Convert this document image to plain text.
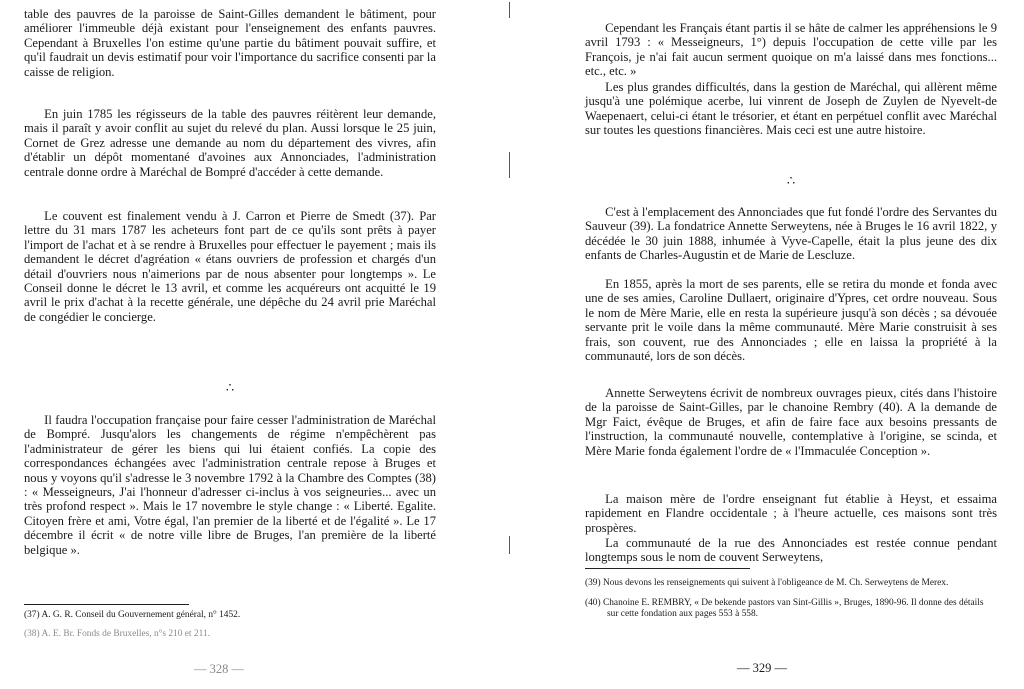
table des pauvres de la paroisse de Saint-Gilles demandent le bâtiment, pour améliorer l'immeuble déjà existant pour l'enseignement des enfants pauvres. Cependant à Bruxelles l'on estime qu'une partie du bâtiment pouvait suffire, et qu'il faudrait un devis estimatif pour voir l'importance du sacrifice consenti par la caisse de religion.

En juin 1785 les régisseurs de la table des pauvres réitèrent leur demande, mais il paraît y avoir conflit au sujet du relevé du plan. Aussi lorsque le 25 juin, Cornet de Grez adresse une demande au nom du département des vivres, afin d'établir un dépôt momentané d'avoines aux Annonciades, l'administration centrale donne ordre à Maréchal de Bompré d'accéder à cette demande.

Le couvent est finalement vendu à J. Carron et Pierre de Smedt (37). Par lettre du 31 mars 1787 les acheteurs font part de ce qu'ils sont prêts à payer l'import de l'achat et à se rendre à Bruxelles pour effectuer le payement ; mais ils demandent le décret d'agréation « étans ouvriers de profession et chargés d'un détail d'ouvriers nous n'aimerions par de nous absenter pour longtemps ». Le Conseil donne le décret le 13 avril, et comme les acquéreurs ont acquitté le 19 avril le prix d'achat à la recette générale, une dépêche du 24 avril prie Maréchal de congédier le concierge.

∴

Il faudra l'occupation française pour faire cesser l'administration de Maréchal de Bompré. Jusqu'alors les changements de régime n'empêchèrent pas l'administrateur de gérer les biens qui lui étaient confiés. La copie des correspondances échangées avec l'administration centrale repose à Bruges et nous y voyons qu'il s'adresse le 3 novembre 1792 à la Chambre des Comptes (38) : « Messeigneurs, J'ai l'honneur d'adresser ci-inclus à vos seigneuries... avec un très profond respect ». Mais le 17 novembre le style change : « Liberté. Egalite. Citoyen frère et ami, Votre égal, l'an premier de la liberté et de l'égalité ». Le 17 décembre il écrit « de notre ville libre de Bruges, l'an première de la liberté belgique ».

(37) A. G. R. Conseil du Gouvernement général, n° 1452.

(38) A. E. Br. Fonds de Bruxelles, n°s 210 et 211.

— 328 —

Cependant les Français étant partis il se hâte de calmer les appréhensions le 9 avril 1793 : « Messeigneurs, 1°) depuis l'occupation de cette ville par les François, je n'ai fait aucun serment quoique on m'a laissé dans mes fonctions... etc., etc. »

Les plus grandes difficultés, dans la gestion de Maréchal, qui allèrent même jusqu'à une polémique acerbe, lui vinrent de Joseph de Zuylen de Nyevelt-de Waepenaert, celui-ci étant le trésorier, et étant en perpétuel conflit avec Maréchal sur toutes les questions financières. Mais ceci est une autre histoire.

∴

C'est à l'emplacement des Annonciades que fut fondé l'ordre des Servantes du Sauveur (39). La fondatrice Annette Serweytens, née à Bruges le 16 avril 1822, y décédée le 30 juin 1888, inhumée à Vyve-Capelle, était la plus jeune des dix enfants de Charles-Augustin et de Marie de Lescluze.

En 1855, après la mort de ses parents, elle se retira du monde et fonda avec une de ses amies, Caroline Dullaert, originaire d'Ypres, cet ordre nouveau. Sous le nom de Mère Marie, elle en resta la supérieure jusqu'à son décès ; sa dévouée servante prit le voile dans la même communauté. Mère Marie construisit à ses frais, son couvent, rue des Annonciades ; elle en laissa la propriété à la communauté, lors de son décès.

Annette Serweytens écrivit de nombreux ouvrages pieux, cités dans l'histoire de la paroisse de Saint-Gilles, par le chanoine Rembry (40). A la demande de Mgr Faict, évêque de Bruges, et afin de faire face aux besoins pressants de l'instruction, la communauté nouvelle, contemplative à l'origine, se scinda, et Mère Marie fonda également l'ordre de « l'Immaculée Conception ».

La maison mère de l'ordre enseignant fut établie à Heyst, et essaima rapidement en Flandre occidentale ; à l'heure actuelle, ces maisons sont très prospères.

La communauté de la rue des Annonciades est restée connue pendant longtemps sous le nom de couvent Serweytens,

(39) Nous devons les renseignements qui suivent à l'obligeance de M. Ch. Serweytens de Merex.

(40) Chanoine E. REMBRY, « De bekende pastors van Sint-Gillis », Bruges, 1890-96. Il donne des détails sur cette fondation aux pages 553 à 558.

— 329 —
